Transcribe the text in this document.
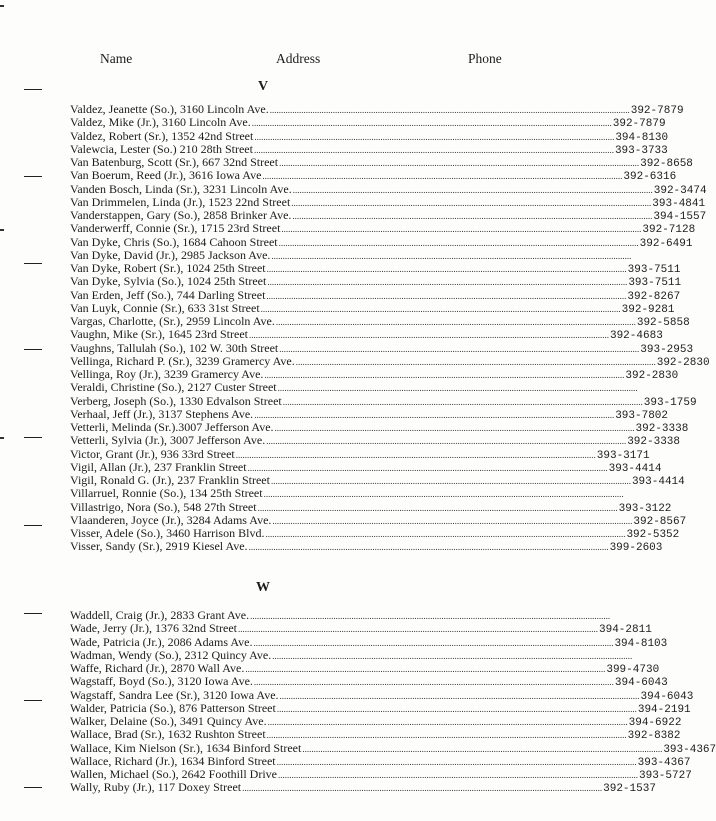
Name	Address	Phone
V
Valdez, Jeanette (So.), 3160 Lincoln Ave. ................................................................................................................................................................ 392-7879
Valdez, Mike (Jr.), 3160 Lincoln Ave. ................................................................................................................................................................ 392-7879
Valdez, Robert (Sr.), 1352 42nd Street ................................................................................................................................................................ 394-8130
Valewcia, Lester (So.) 210 28th Street ................................................................................................................................................................ 393-3733
Van Batenburg, Scott (Sr.), 667 32nd Street ................................................................................................................................................................ 392-8658
Van Boerum, Reed (Jr.), 3616 Iowa Ave ................................................................................................................................................................ 392-6316
Vanden Bosch, Linda (Sr.), 3231 Lincoln Ave. ................................................................................................................................................................ 392-3474
Van Drimmelen, Linda (Jr.), 1523 22nd Street ................................................................................................................................................................ 393-4841
Vanderstappen, Gary (So.), 2858 Brinker Ave. ................................................................................................................................................................ 394-1557
Vanderwerff, Connie (Sr.), 1715 23rd Street ................................................................................................................................................................ 392-7128
Van Dyke, Chris (So.), 1684 Cahoon Street ................................................................................................................................................................ 392-6491
Van Dyke, David (Jr.), 2985 Jackson Ave. ................................................................................................................................................................
Van Dyke, Robert (Sr.), 1024 25th Street ................................................................................................................................................................ 393-7511
Van Dyke, Sylvia (So.), 1024 25th Street ................................................................................................................................................................ 393-7511
Van Erden, Jeff (So.), 744 Darling Street ................................................................................................................................................................ 392-8267
Van Luyk, Connie (Sr.), 633 31st Street ................................................................................................................................................................ 392-9281
Vargas, Charlotte, (Sr.), 2959 Lincoln Ave. ................................................................................................................................................................ 392-5858
Vaughn, Mike (Sr.), 1645 23rd Street ................................................................................................................................................................ 392-4683
Vaughns, Tallulah (So.), 102 W. 30th Street ................................................................................................................................................................ 393-2953
Vellinga, Richard P. (Sr.), 3239 Gramercy Ave. ................................................................................................................................................................ 392-2830
Vellinga, Roy (Jr.), 3239 Gramercy Ave. ................................................................................................................................................................ 392-2830
Veraldi, Christine (So.), 2127 Custer Street ................................................................................................................................................................
Verberg, Joseph (So.), 1330 Edvalson Street ................................................................................................................................................................ 393-1759
Verhaal, Jeff (Jr.), 3137 Stephens Ave. ................................................................................................................................................................ 393-7802
Vetterli, Melinda (Sr.).3007 Jefferson Ave. ................................................................................................................................................................ 392-3338
Vetterli, Sylvia (Jr.), 3007 Jefferson Ave. ................................................................................................................................................................ 392-3338
Victor, Grant (Jr.), 936 33rd Street ................................................................................................................................................................ 393-3171
Vigil, Allan (Jr.), 237 Franklin Street ................................................................................................................................................................ 393-4414
Vigil, Ronald G. (Jr.), 237 Franklin Street ................................................................................................................................................................ 393-4414
Villarruel, Ronnie (So.), 134 25th Street ................................................................................................................................................................
Villastrigo, Nora (So.), 548 27th Street ................................................................................................................................................................ 393-3122
Vlaanderen, Joyce (Jr.), 3284 Adams Ave. ................................................................................................................................................................ 392-8567
Visser, Adele (So.), 3460 Harrison Blvd. ................................................................................................................................................................ 392-5352
Visser, Sandy (Sr.), 2919 Kiesel Ave. ................................................................................................................................................................ 399-2603
W
Waddell, Craig (Jr.), 2833 Grant Ave. ................................................................................................................................................................
Wade, Jerry (Jr.), 1376 32nd Street ................................................................................................................................................................ 394-2811
Wade, Patricia (Jr.), 2086 Adams Ave. ................................................................................................................................................................ 394-8103
Wadman, Wendy (So.), 2312 Quincy Ave. ................................................................................................................................................................
Waffe, Richard (Jr.), 2870 Wall Ave. ................................................................................................................................................................ 399-4730
Wagstaff, Boyd (So.), 3120 Iowa Ave. ................................................................................................................................................................ 394-6043
Wagstaff, Sandra Lee (Sr.), 3120 Iowa Ave. ................................................................................................................................................................ 394-6043
Walder, Patricia (So.), 876 Patterson Street ................................................................................................................................................................ 394-2191
Walker, Delaine (So.), 3491 Quincy Ave. ................................................................................................................................................................ 394-6922
Wallace, Brad (Sr.), 1632 Rushton Street ................................................................................................................................................................ 392-8382
Wallace, Kim Nielson (Sr.), 1634 Binford Street ................................................................................................................................................................ 393-4367
Wallace, Richard (Jr.), 1634 Binford Street ................................................................................................................................................................ 393-4367
Wallen, Michael (So.), 2642 Foothill Drive ................................................................................................................................................................ 393-5727
Wally, Ruby (Jr.), 117 Doxey Street ................................................................................................................................................................ 392-1537
